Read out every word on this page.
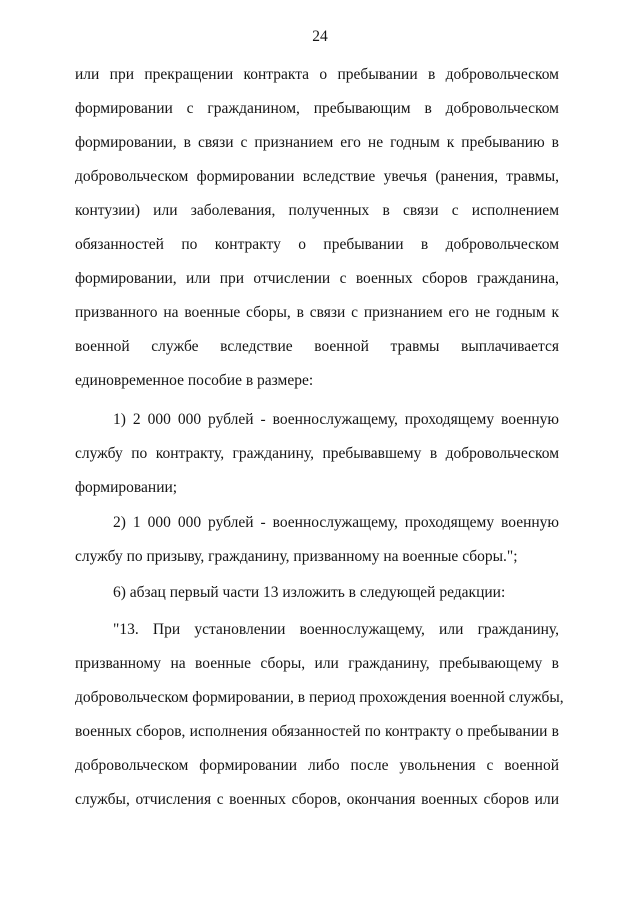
24

или при прекращении контракта о пребывании в добровольческом

формировании с гражданином, пребывающим в добровольческом

формировании, в связи с признанием его не годным к пребыванию в

добровольческом формировании вследствие увечья (ранения, травмы,

контузии) или заболевания, полученных в связи с исполнением

обязанностей по контракту о пребывании в добровольческом

формировании, или при отчислении с военных сборов гражданина,

призванного на военные сборы, в связи с признанием его не годным к

военной службе вследствие военной травмы выплачивается

единовременное пособие в размере:

1) 2 000 000 рублей - военнослужащему, проходящему военную

службу по контракту, гражданину, пребывавшему в добровольческом

формировании;

2) 1 000 000 рублей - военнослужащему, проходящему военную

службу по призыву, гражданину, призванному на военные сборы.";

6) абзац первый части 13 изложить в следующей редакции:

"13. При установлении военнослужащему, или гражданину,

призванному на военные сборы, или гражданину, пребывающему в

добровольческом формировании, в период прохождения военной службы,

военных сборов, исполнения обязанностей по контракту о пребывании в

добровольческом формировании либо после увольнения с военной

службы, отчисления с военных сборов, окончания военных сборов или
